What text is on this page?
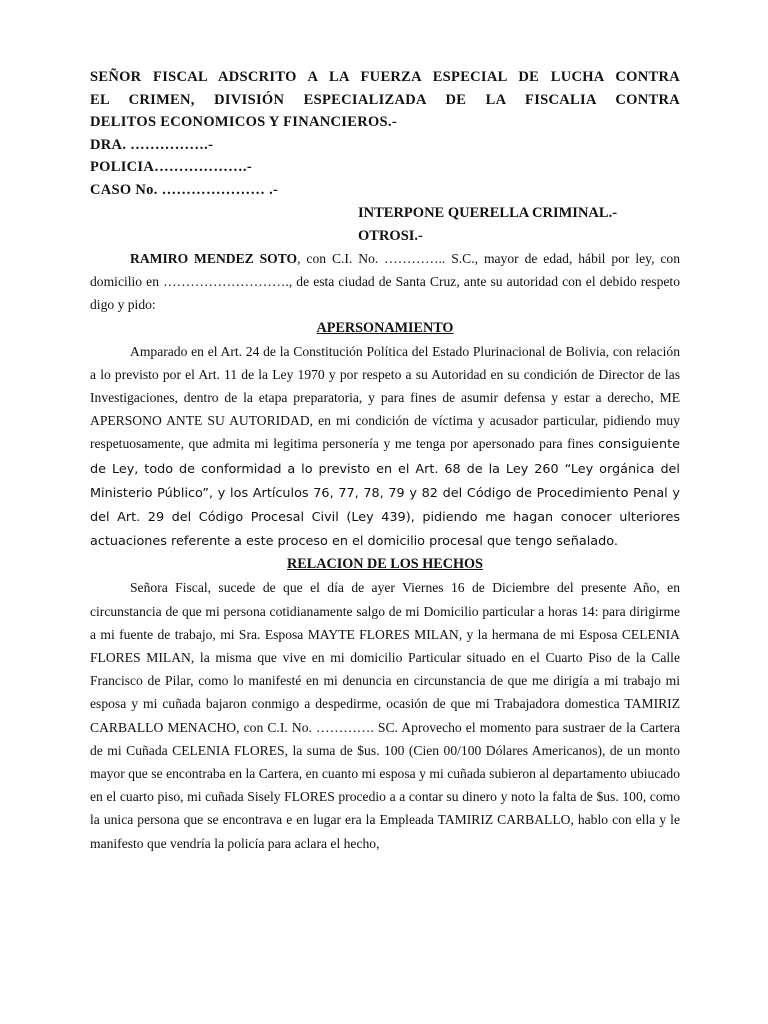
SEÑOR FISCAL ADSCRITO A LA FUERZA ESPECIAL DE LUCHA CONTRA
EL CRIMEN, DIVISIÓN ESPECIALIZADA DE LA FISCALIA CONTRA
DELITOS ECONOMICOS Y FINANCIEROS.-
DRA. …………….-
POLICIA……………….-
CASO No. ………………… .-
INTERPONE QUERELLA CRIMINAL.-
OTROSI.-

RAMIRO MENDEZ SOTO, con C.I. No. ………….. S.C., mayor de edad, hábil por ley, con domicilio en ………………………., de esta ciudad de Santa Cruz, ante su autoridad con el debido respeto digo y pido:

APERSONAMIENTO

Amparado en el Art. 24 de la Constitución Política del Estado Plurinacional de Bolivia, con relación a lo previsto por el Art. 11 de la Ley 1970 y por respeto a su Autoridad en su condición de Director de las Investigaciones, dentro de la etapa preparatoria, y para fines de asumir defensa y estar a derecho, ME APERSONO ANTE SU AUTORIDAD, en mi condición de víctima y acusador particular, pidiendo muy respetuosamente, que admita mi legitima personería y me tenga por apersonado para fines consiguiente de Ley, todo de conformidad a lo previsto en el Art. 68 de la Ley 260 “Ley orgánica del Ministerio Público”, y los Artículos 76, 77, 78, 79 y 82 del Código de Procedimiento Penal y del Art. 29 del Código Procesal Civil (Ley 439), pidiendo me hagan conocer ulteriores actuaciones referente a este proceso en el domicilio procesal que tengo señalado.

RELACION DE LOS HECHOS

Señora Fiscal, sucede de que el día de ayer Viernes 16 de Diciembre del presente Año, en circunstancia de que mi persona cotidianamente salgo de mi Domicilio particular a horas 14: para dirigirme a mi fuente de trabajo, mi Sra. Esposa MAYTE FLORES MILAN, y la hermana de mi Esposa CELENIA FLORES MILAN, la misma que vive en mi domicilio Particular situado en el Cuarto Piso de la Calle Francisco de Pilar, como lo manifesté en mi denuncia en circunstancia de que me dirigía a mi trabajo mi esposa y mi cuñada bajaron conmigo a despedirme, ocasión de que mi Trabajadora domestica TAMIRIZ CARBALLO MENACHO, con C.I. No. …………. SC. Aprovecho el momento para sustraer de la Cartera de mi Cuñada CELENIA FLORES, la suma de $us. 100 (Cien 00/100 Dólares Americanos), de un monto mayor que se encontraba en la Cartera, en cuanto mi esposa y mi cuñada subieron al departamento ubiucado en el cuarto piso, mi cuñada Sisely FLORES procedio a a contar su dinero y noto la falta de $us. 100, como la unica persona que se encontrava e en lugar era la Empleada TAMIRIZ CARBALLO, hablo con ella y le manifesto que vendría la policía para aclara el hecho,
